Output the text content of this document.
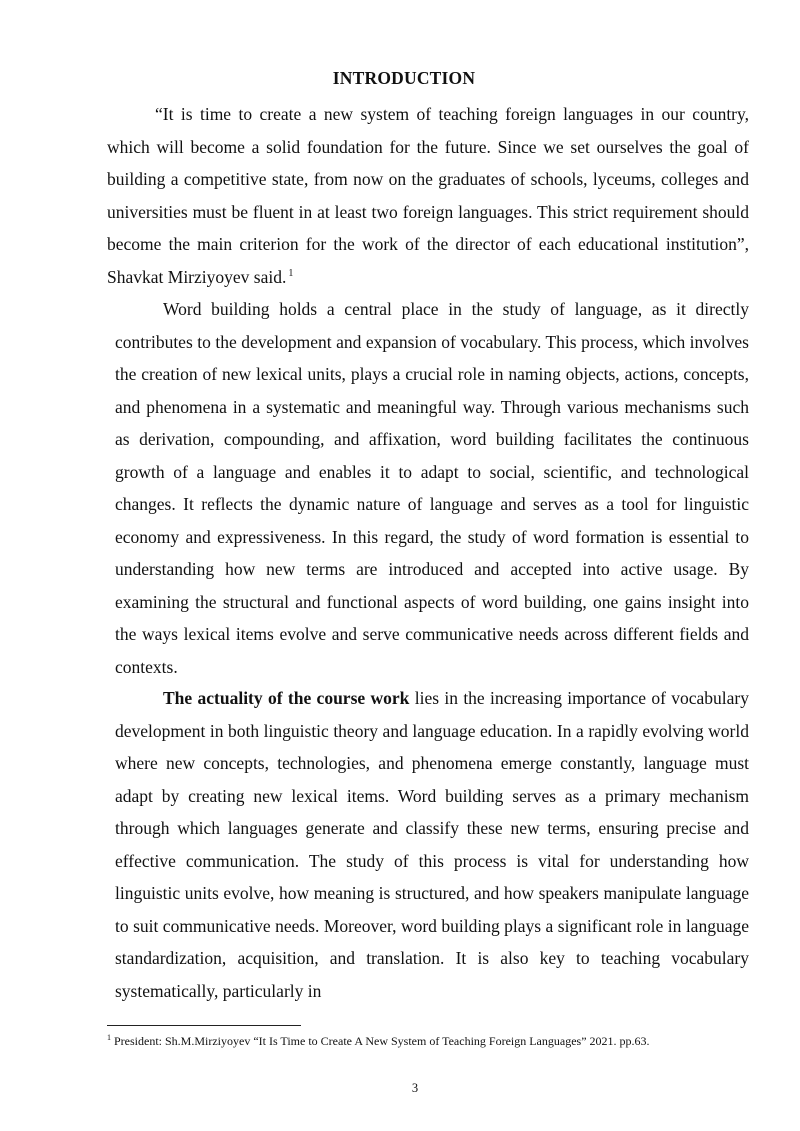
INTRODUCTION

“It is time to create a new system of teaching foreign languages in our country, which will become a solid foundation for the future. Since we set ourselves the goal of building a competitive state, from now on the graduates of schools, lyceums, colleges and universities must be fluent in at least two foreign languages. This strict requirement should become the main criterion for the work of the director of each educational institution”, Shavkat Mirziyoyev said. $^1$

Word building holds a central place in the study of language, as it directly contributes to the development and expansion of vocabulary. This process, which involves the creation of new lexical units, plays a crucial role in naming objects, actions, concepts, and phenomena in a systematic and meaningful way. Through various mechanisms such as derivation, compounding, and affixation, word building facilitates the continuous growth of a language and enables it to adapt to social, scientific, and technological changes. It reflects the dynamic nature of language and serves as a tool for linguistic economy and expressiveness. In this regard, the study of word formation is essential to understanding how new terms are introduced and accepted into active usage. By examining the structural and functional aspects of word building, one gains insight into the ways lexical items evolve and serve communicative needs across different fields and contexts.

The actuality of the course work lies in the increasing importance of vocabulary development in both linguistic theory and language education. In a rapidly evolving world where new concepts, technologies, and phenomena emerge constantly, language must adapt by creating new lexical items. Word building serves as a primary mechanism through which languages generate and classify these new terms, ensuring precise and effective communication. The study of this process is vital for understanding how linguistic units evolve, how meaning is structured, and how speakers manipulate language to suit communicative needs. Moreover, word building plays a significant role in language standardization, acquisition, and translation. It is also key to teaching vocabulary systematically, particularly in

$^1$ President: Sh.M.Mirziyoyev “It Is Time to Create A New System of Teaching Foreign Languages” 2021. pp.63.
3
